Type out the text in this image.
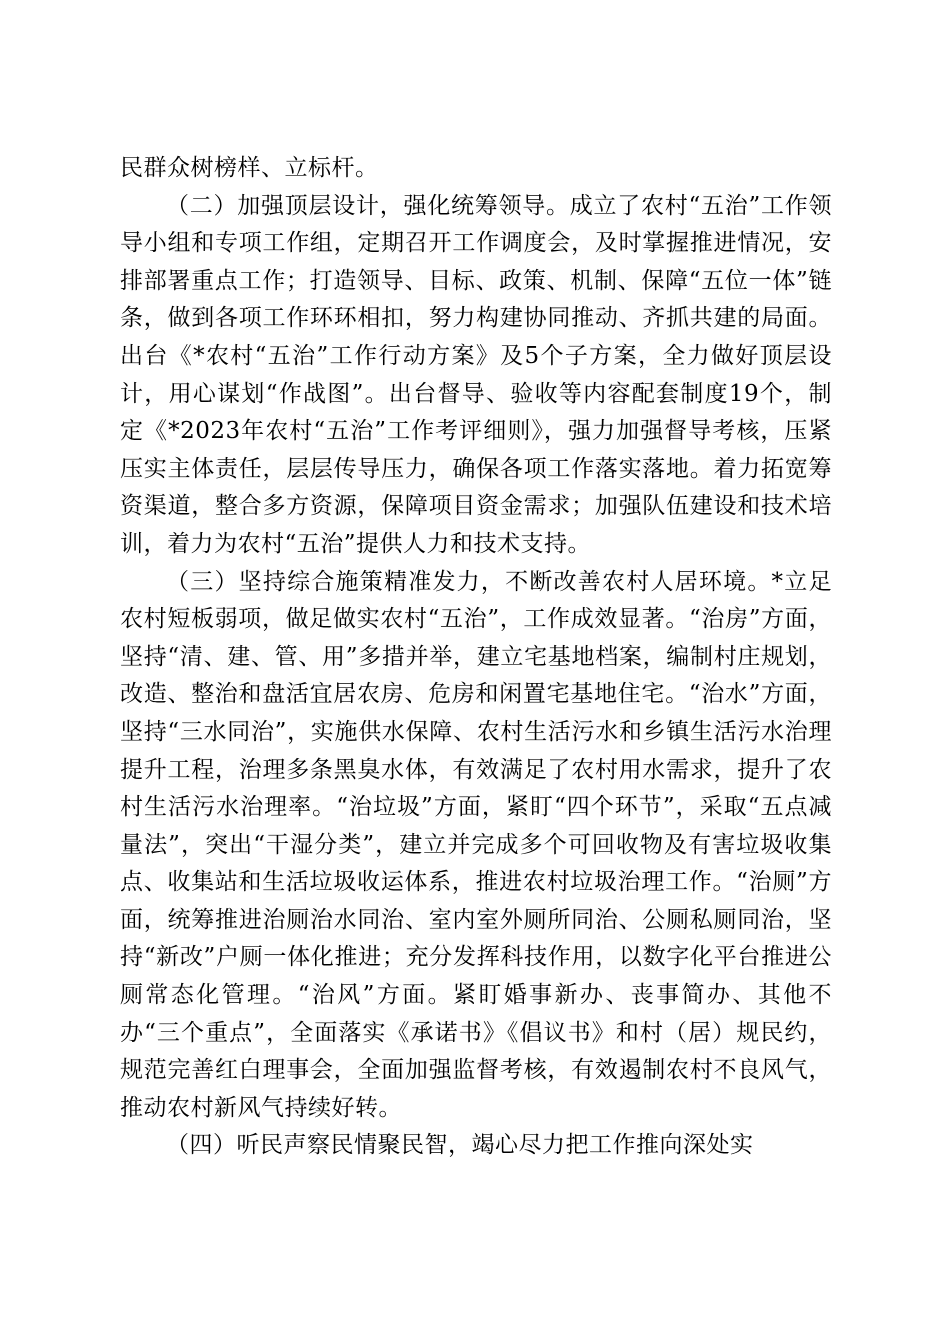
民群众树榜样、立标杆。

（二）加强顶层设计，强化统筹领导。成立了农村“五治”工作领导小组和专项工作组，定期召开工作调度会，及时掌握推进情况，安排部署重点工作；打造领导、目标、政策、机制、保障“五位一体”链条，做到各项工作环环相扣，努力构建协同推动、齐抓共建的局面。出台《*农村“五治”工作行动方案》及5个子方案，全力做好顶层设计，用心谋划“作战图”。出台督导、验收等内容配套制度19个，制定《*2023年农村“五治”工作考评细则》，强力加强督导考核，压紧压实主体责任，层层传导压力，确保各项工作落实落地。着力拓宽筹资渠道，整合多方资源，保障项目资金需求；加强队伍建设和技术培训，着力为农村“五治”提供人力和技术支持。

（三）坚持综合施策精准发力，不断改善农村人居环境。*立足农村短板弱项，做足做实农村“五治”，工作成效显著。“治房”方面，坚持“清、建、管、用”多措并举，建立宅基地档案，编制村庄规划，改造、整治和盘活宜居农房、危房和闲置宅基地住宅。“治水”方面，坚持“三水同治”，实施供水保障、农村生活污水和乡镇生活污水治理提升工程，治理多条黑臭水体，有效满足了农村用水需求，提升了农村生活污水治理率。“治垃圾”方面，紧盯“四个环节”，采取“五点减量法”，突出“干湿分类”，建立并完成多个可回收物及有害垃圾收集点、收集站和生活垃圾收运体系，推进农村垃圾治理工作。“治厕”方面，统筹推进治厕治水同治、室内室外厕所同治、公厕私厕同治，坚持“新改”户厕一体化推进；充分发挥科技作用，以数字化平台推进公厕常态化管理。“治风”方面。紧盯婚事新办、丧事简办、其他不办“三个重点”，全面落实《承诺书》《倡议书》和村（居）规民约，规范完善红白理事会，全面加强监督考核，有效遏制农村不良风气，推动农村新风气持续好转。

（四）听民声察民情聚民智，竭心尽力把工作推向深处实
